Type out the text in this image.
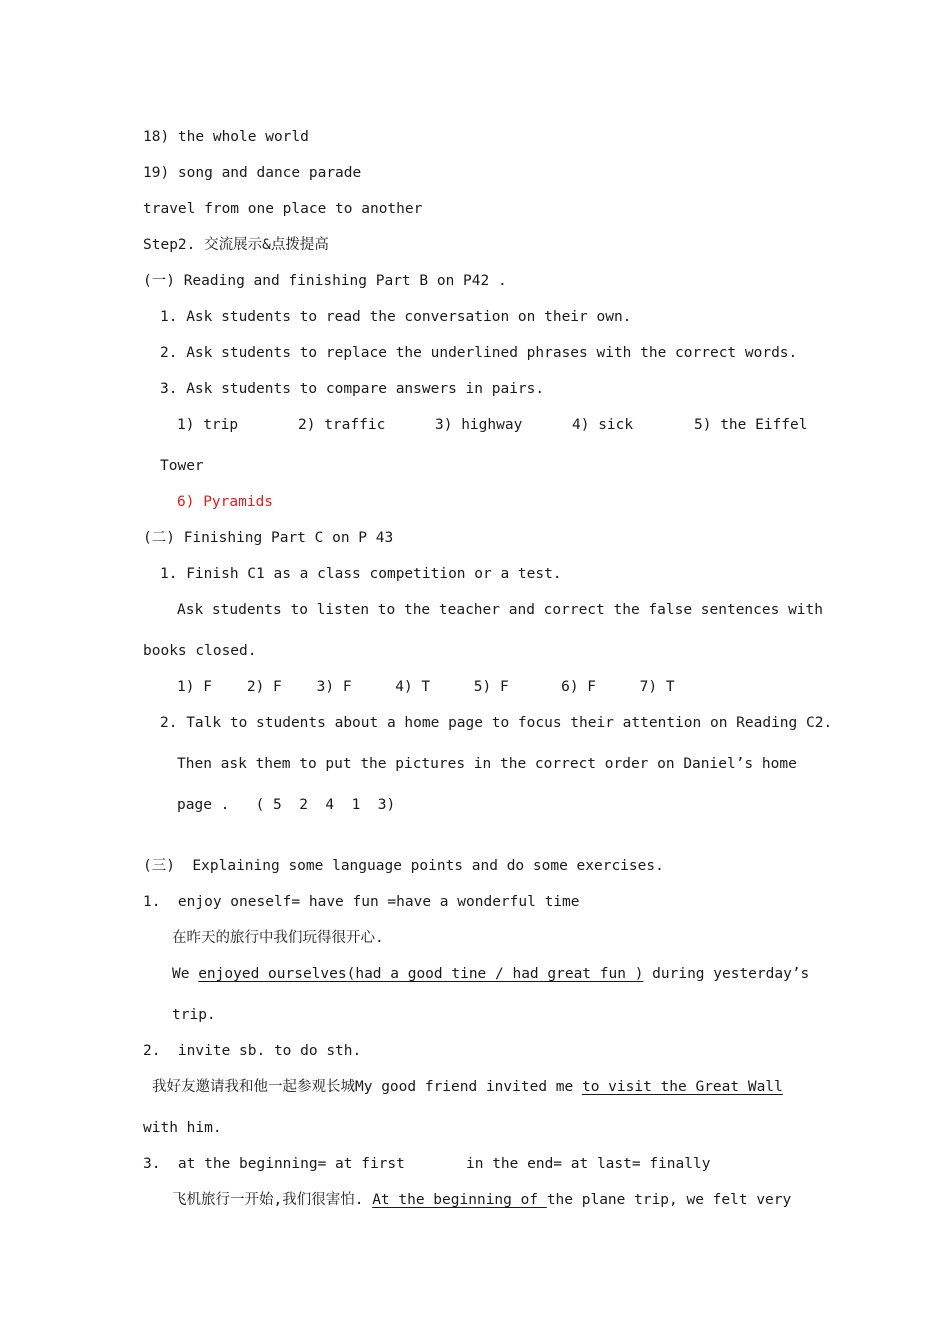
18) the whole world
19) song and dance parade
travel from one place to another
Step2. 交流展示&点拨提高
(一) Reading and finishing Part B on P42 .
1. Ask students to read the conversation on their own.
2. Ask students to replace the underlined phrases with the correct words.
3. Ask students to compare answers in pairs.
1) trip	2) traffic	3) highway	4) sick	5) the Eiffel
Tower
6) Pyramids
(二) Finishing Part C on P 43
1. Finish C1 as a class competition or a test.
Ask students to listen to the teacher and correct the false sentences with
books closed.
1) F    2) F    3) F     4) T     5) F      6) F     7) T
2. Talk to students about a home page to focus their attention on Reading C2.
Then ask them to put the pictures in the correct order on Daniel’s home
page .   ( 5  2  4  1  3)
(三)  Explaining some language points and do some exercises.
1.  enjoy oneself= have fun =have a wonderful time
在昨天的旅行中我们玩得很开心.
We enjoyed ourselves(had a good tine / had great fun ) during yesterday’s
trip.
2.  invite sb. to do sth.
我好友邀请我和他一起参观长城My good friend invited me to visit the Great Wall
with him.
3.  at the beginning= at first       in the end= at last= finally
飞机旅行一开始,我们很害怕. At the beginning of the plane trip, we felt very
